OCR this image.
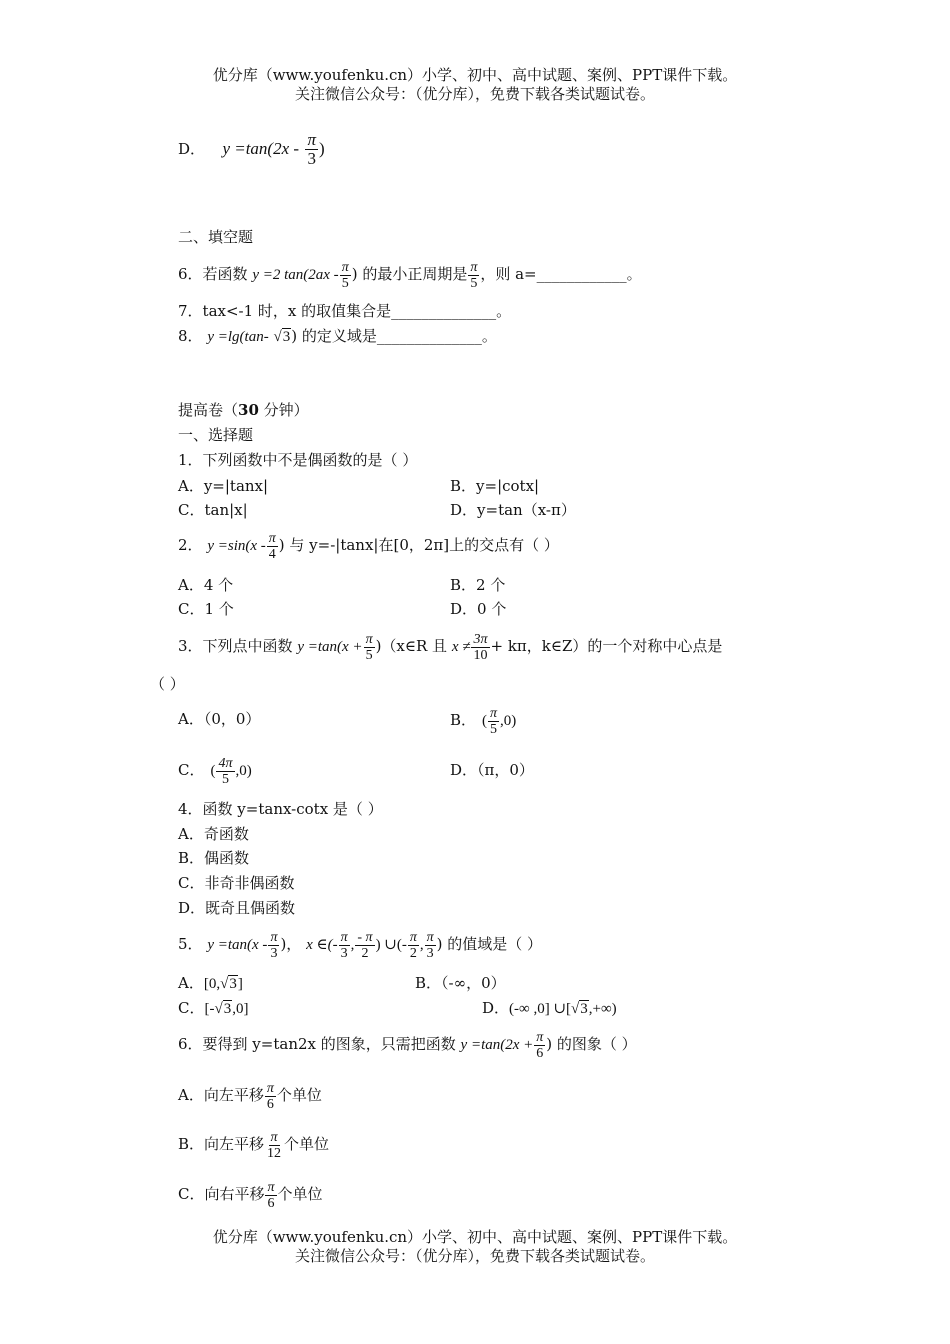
优分库（www.youfenku.cn）小学、初中、高中试题、案例、PPT课件下载。
关注微信公众号：（优分库），免费下载各类试题试卷。
D． $y =\tan(2x - \frac{\pi}{3}$ )
二、填空题
6．若函数 y =2 $\tan(2ax - \frac{\pi}{5}$ ) 的最小正周期是 $\frac{\pi}{5}$ ，则 a=____________。
7．tax<-1 时，x 的取值集合是______________。
8． y =lg(tan- √3) 的定义域是______________。
提高卷（30 分钟）
一、选择题
1．下列函数中不是偶函数的是（ ）
A．y=|tanx|	B．y=|cotx|
C．tan|x|	D．y=tan（x-π）
2． $y =\sin(x - \frac{\pi}{4}$ ) 与 y=-|tanx|在[0，2π]上的交点有（ ）
A．4 个	B．2 个
C．1 个	D．0 个
3．下列点中函数 $y =\tan(x + \frac{\pi}{5}$ )（x∈R 且 $x \ne \frac{3\pi}{10} + k\pi$，k∈Z）的一个对称中心点是
（ ）
A．（0，0）	B． ( $\frac{\pi}{5} ,0$)
C． ( $\frac{4\pi}{5} ,0$)	D．（π，0）
4．函数 y=tanx-cotx 是（ ）
A．奇函数
B．偶函数
C．非奇非偶函数
D．既奇且偶函数
5． $y =\tan(x - \frac{\pi}{3}$ )， x ∈(- $\frac{\pi}{3}$ , $\frac{- \pi}{2}$ ) ∪(- $\frac{\pi}{2}$ , $\frac{\pi}{3}$ ) 的值域是（ ）
A．[0,√3]	B．（-∞，0）
C．[-√3,0]	D．(-∞ ,0] ∪[√3,+∞)
6．要得到 y=tan2x 的图象，只需把函数 $y =\tan(2x + \frac{\pi}{6}$ ) 的图象（ ）
A．向左平移 $\frac{\pi}{6}$ 个单位
B．向左平移 $\frac{\pi}{12}$ 个单位
C．向右平移 $\frac{\pi}{6}$ 个单位
优分库（www.youfenku.cn）小学、初中、高中试题、案例、PPT课件下载。
关注微信公众号：（优分库），免费下载各类试题试卷。
